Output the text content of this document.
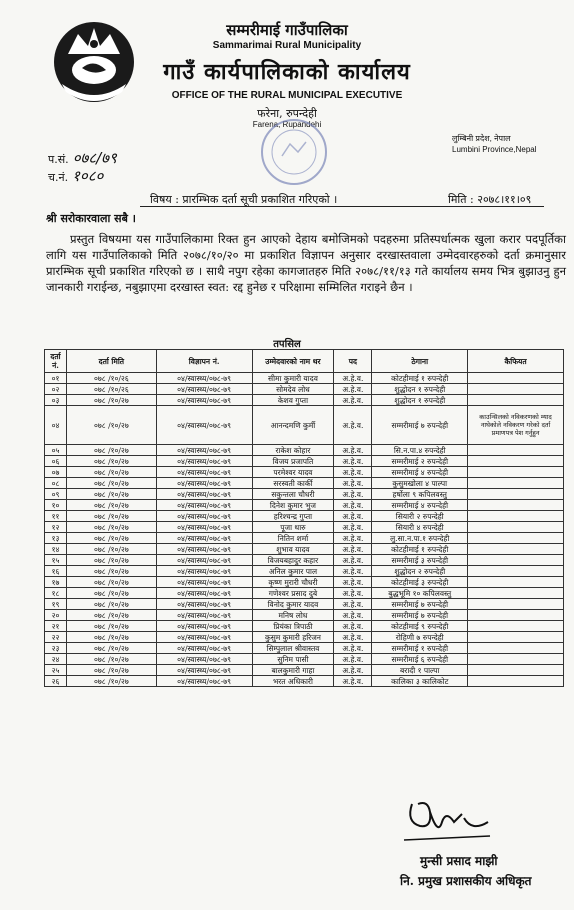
सम्मरीमाई गाउँपालिका
Sammarimai Rural Municipality
गाउँ कार्यपालिकाको कार्यालय
OFFICE OF THE RURAL MUNICIPAL EXECUTIVE
फरेना, रुपन्देही
Farena, Rupandehi
लुम्बिनी प्रदेश, नेपाल
Lumbini Province,Nepal
प.सं. ०७८/७९
च.नं. १०८०
विषय : प्रारम्भिक दर्ता सूची प्रकाशित गरिएको ।	मिति : २०७८।११।०९
श्री सरोकारवाला सबै ।
प्रस्तुत विषयमा यस गाउँपालिकामा रिक्त हुन आएको देहाय बमोजिमको पदहरुमा प्रतिस्पर्धात्मक खुला करार पदपूर्तिका लागि यस गाउँपालिकाको मिति २०७८/१०/२० मा प्रकाशित विज्ञापन अनुसार दरखास्तवाला उम्मेदवारहरुको दर्ता क्रमानुसार प्रारम्भिक सूची प्रकाशित गरिएको छ । साथै नपुग रहेका कागजातहरु मिति २०७८/११/१३ गते कार्यालय समय भित्र बुझाउनु हुन जानकारी गराईन्छ, नबुझाएमा दरखास्त स्वत: रद्द हुनेछ र परिक्षामा सम्मिलित गराइने छैन ।
तपसिल
दर्ता नं.	दर्ता मिति	विज्ञापन नं.	उम्मेदवारको नाम थर	पद	ठेगाना	कैफियत
०१	०७८ /१०/२६	०४/स्वास्थ्य/०७८-७९	सीमा कुमारी यादव	अ.हे.व.	कोटहीमाई १ रुपन्देही	
०२	०७८ /१०/२६	०४/स्वास्थ्य/०७८-७९	सोमदेव लोध	अ.हे.व.	शुद्धोदन १ रुपन्देही	
०३	०७८ /१०/२७	०४/स्वास्थ्य/०७८-७९	केशव गुप्ता	अ.हे.व.	शुद्धोदन १ रुपन्देही	
०४	०७८ /१०/२७	०४/स्वास्थ्य/०७८-७९	आनन्दमणि कुर्मी	अ.हे.व.	सम्मरीमाई ७ रुपन्देही	काउन्सिलको नविकरणको म्याद नाघेकोले नविकरण गरेको दर्ता प्रमाणपत्र पेश गर्नुहुन
०५	०७८ /१०/२७	०४/स्वास्थ्य/०७८-७९	राकेश कोहार	अ.हे.व.	सि.न.पा.४ रुपन्देही	
०६	०७८ /१०/२७	०४/स्वास्थ्य/०७८-७९	विजय प्रजापति	अ.हे.व.	सम्मरीमाई २ रुपन्देही	
०७	०७८ /१०/२७	०४/स्वास्थ्य/०७८-७९	परमेश्वर यादव	अ.हे.व.	सम्मरीमाई ४ रुपन्देही	
०८	०७८ /१०/२७	०४/स्वास्थ्य/०७८-७९	सरस्वती कार्की	अ.हे.व.	कुसुमखोला ४ पाल्पा	
०९	०७८ /१०/२७	०४/स्वास्थ्य/०७८-७९	सकुन्तला चौधरी	अ.हे.व.	हर्षोला ९ कपिलवस्तु	
१०	०७८ /१०/२७	०४/स्वास्थ्य/०७८-७९	दिनेश कुमार भुज	अ.हे.व.	सम्मरीमाई ४ रुपन्देही	
११	०७८ /१०/२७	०४/स्वास्थ्य/०७८-७९	हरिश्चन्द्र गुप्ता	अ.हे.व.	सियारी २ रुपन्देही	
१२	०७८ /१०/२७	०४/स्वास्थ्य/०७८-७९	पूजा थारु	अ.हे.व.	सियारी ४ रुपन्देही	
१३	०७८ /१०/२७	०४/स्वास्थ्य/०७८-७९	नितिन शर्मा	अ.हे.व.	लु.सा.न.पा.१ रुपन्देही	
१४	०७८ /१०/२७	०४/स्वास्थ्य/०७८-७९	शुभाव यादव	अ.हे.व.	कोटहीमाई १ रुपन्देही	
१५	०७८ /१०/२७	०४/स्वास्थ्य/०७८-७९	विजयबहादुर कहार	अ.हे.व.	सम्मरीमाई ३ रुपन्देही	
१६	०७८ /१०/२७	०४/स्वास्थ्य/०७८-७९	अनिल कुमार पाल	अ.हे.व.	शुद्धोदन २ रुपन्देही	
१७	०७८ /१०/२७	०४/स्वास्थ्य/०७८-७९	कृष्ण मुरारी चौधरी	अ.हे.व.	कोटहीमाई ३ रुपन्देही	
१८	०७८ /१०/२७	०४/स्वास्थ्य/०७८-७९	गणेश्वर प्रसाद दुबे	अ.हे.व.	बुद्धभूमि १० कपिलवस्तु	
१९	०७८ /१०/२७	०४/स्वास्थ्य/०७८-७९	विनोद कुमार यादव	अ.हे.व.	सम्मरीमाई ७ रुपन्देही	
२०	०७८ /१०/२७	०४/स्वास्थ्य/०७८-७९	मनिष लोध	अ.हे.व.	सम्मरीमाई ७ रुपन्देही	
२१	०७८ /१०/२७	०४/स्वास्थ्य/०७८-७९	प्रियंका त्रिपाठी	अ.हे.व.	कोटहीमाई ९ रुपन्देही	
२२	०७८ /१०/२७	०४/स्वास्थ्य/०७८-७९	कुसुम कुमारी हरिजन	अ.हे.व.	रोहिणी ७ रुपन्देही	
२३	०७८ /१०/२७	०४/स्वास्थ्य/०७८-७९	सिम्पुलाल श्रीवास्तव	अ.हे.व.	सम्मरीमाई १ रुपन्देही	
२४	०७८ /१०/२७	०४/स्वास्थ्य/०७८-७९	सुनिम पासी	अ.हे.व.	सम्मरीमाई ६ रुपन्देही	
२५	०७८ /१०/२७	०४/स्वास्थ्य/०७८-७९	बालकुमारी गाहा	अ.हे.व.	बरादी १ पाल्पा	
२६	०७८ /१०/२७	०४/स्वास्थ्य/०७८-७९	भरत अधिकारी	अ.हे.व.	कालिका ३ कालिकोट	
मुन्सी प्रसाद माझी
नि. प्रमुख प्रशासकीय अधिकृत
